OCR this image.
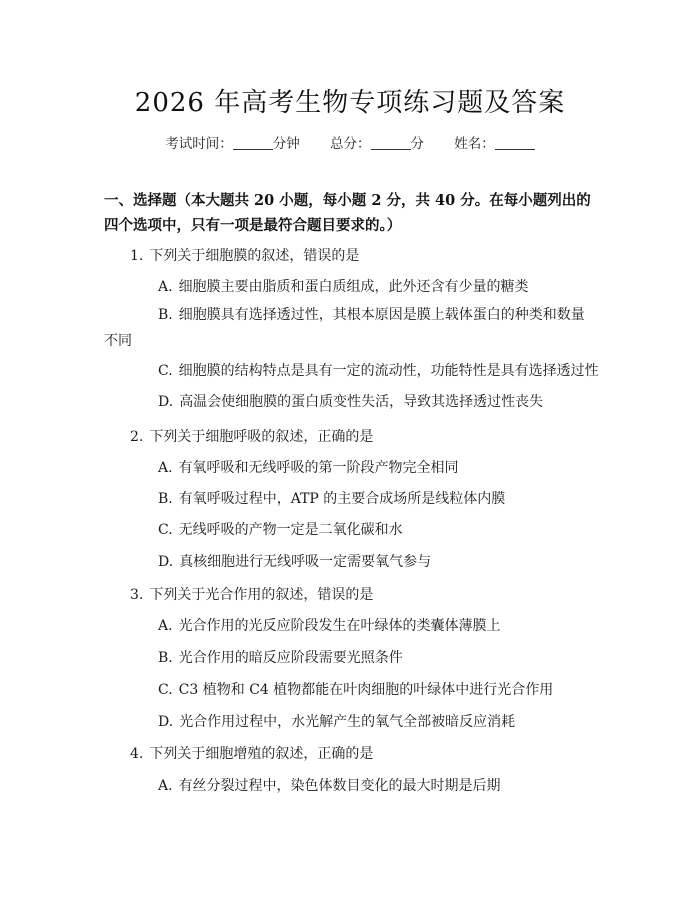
2026 年高考生物专项练习题及答案
考试时间：	分钟 总分：	分 姓名：
一、选择题（本大题共 20 小题，每小题 2 分，共 40 分。在每小题列出的四个选项中，只有一项是最符合题目要求的。）
1. 下列关于细胞膜的叙述，错误的是
A. 细胞膜主要由脂质和蛋白质组成，此外还含有少量的糖类
B. 细胞膜具有选择透过性，其根本原因是膜上载体蛋白的种类和数量不同
C. 细胞膜的结构特点是具有一定的流动性，功能特性是具有选择透过性
D. 高温会使细胞膜的蛋白质变性失活，导致其选择透过性丧失
2. 下列关于细胞呼吸的叙述，正确的是
A. 有氧呼吸和无线呼吸的第一阶段产物完全相同
B. 有氧呼吸过程中，ATP 的主要合成场所是线粒体内膜
C. 无线呼吸的产物一定是二氧化碳和水
D. 真核细胞进行无线呼吸一定需要氧气参与
3. 下列关于光合作用的叙述，错误的是
A. 光合作用的光反应阶段发生在叶绿体的类囊体薄膜上
B. 光合作用的暗反应阶段需要光照条件
C. C3 植物和 C4 植物都能在叶肉细胞的叶绿体中进行光合作用
D. 光合作用过程中，水光解产生的氧气全部被暗反应消耗
4. 下列关于细胞增殖的叙述，正确的是
A. 有丝分裂过程中，染色体数目变化的最大时期是后期
